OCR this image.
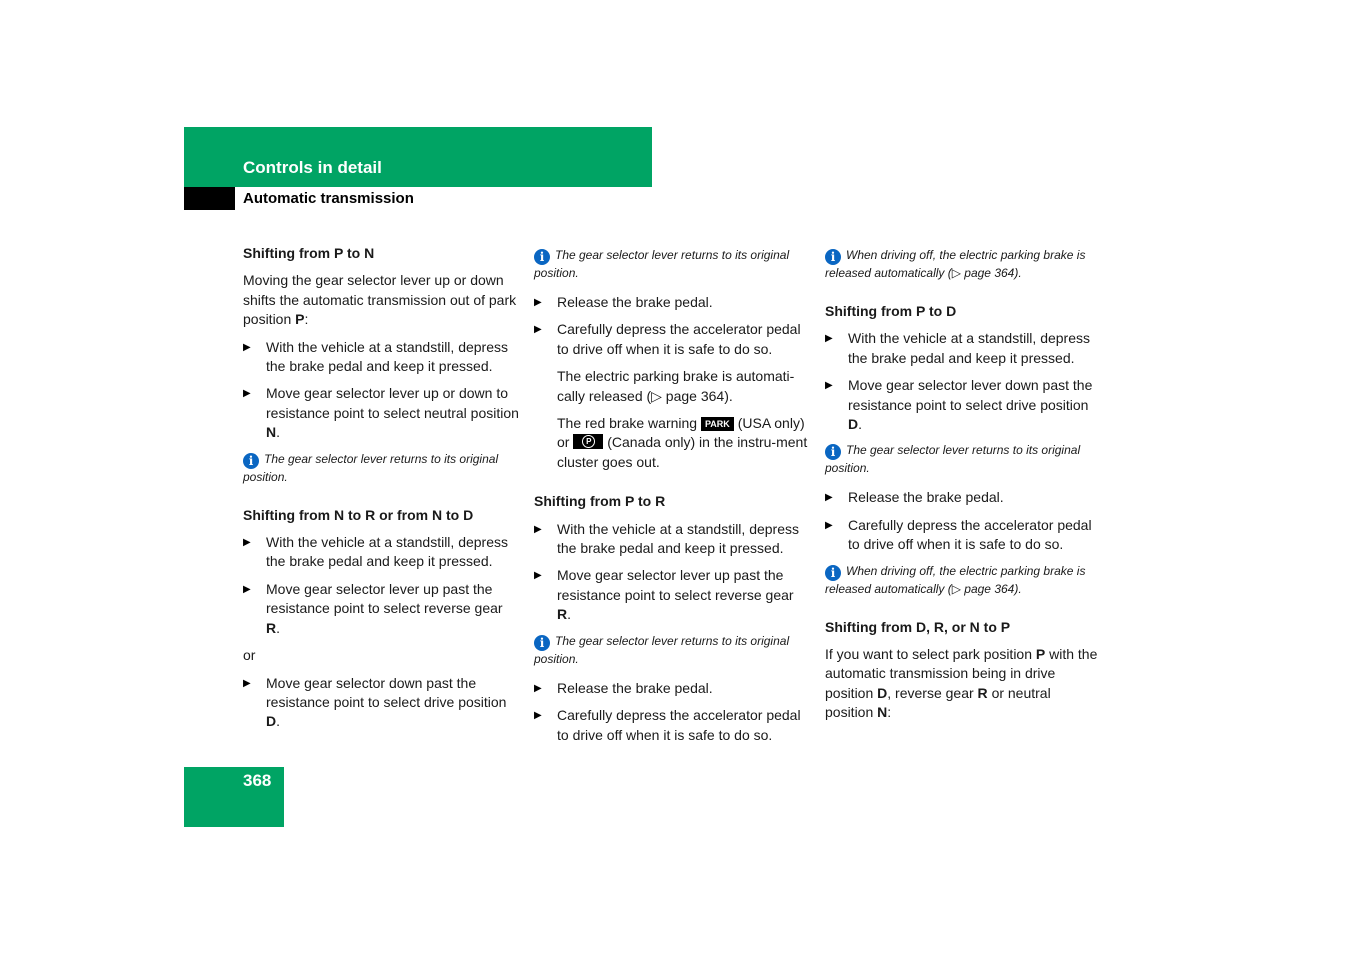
Controls in detail
Automatic transmission
Shifting from P to N
Moving the gear selector lever up or down shifts the automatic transmission out of park position P:
▶ With the vehicle at a standstill, depress the brake pedal and keep it pressed.
▶ Move gear selector lever up or down to resistance point to select neutral position N.
i The gear selector lever returns to its original position.
Shifting from N to R or from N to D
▶ With the vehicle at a standstill, depress the brake pedal and keep it pressed.
▶ Move gear selector lever up past the resistance point to select reverse gear R.
or
▶ Move gear selector down past the resistance point to select drive position D.
i The gear selector lever returns to its original position.
▶ Release the brake pedal.
▶ Carefully depress the accelerator pedal to drive off when it is safe to do so.
The electric parking brake is automati-cally released (▷ page 364).
The red brake warning PARK (USA only) or P	(Canada only) in the instru-ment cluster goes out.
Shifting from P to R
▶ With the vehicle at a standstill, depress the brake pedal and keep it pressed.
▶ Move gear selector lever up past the resistance point to select reverse gear R.
i The gear selector lever returns to its original position.
▶ Release the brake pedal.
▶ Carefully depress the accelerator pedal to drive off when it is safe to do so.
i When driving off, the electric parking brake is released automatically (▷ page 364).
Shifting from P to D
▶ With the vehicle at a standstill, depress the brake pedal and keep it pressed.
▶ Move gear selector lever down past the resistance point to select drive position D.
i The gear selector lever returns to its original position.
▶ Release the brake pedal.
▶ Carefully depress the accelerator pedal to drive off when it is safe to do so.
i When driving off, the electric parking brake is released automatically (▷ page 364).
Shifting from D, R, or N to P
If you want to select park position P with the automatic transmission being in drive position D, reverse gear R or neutral position N:
368
